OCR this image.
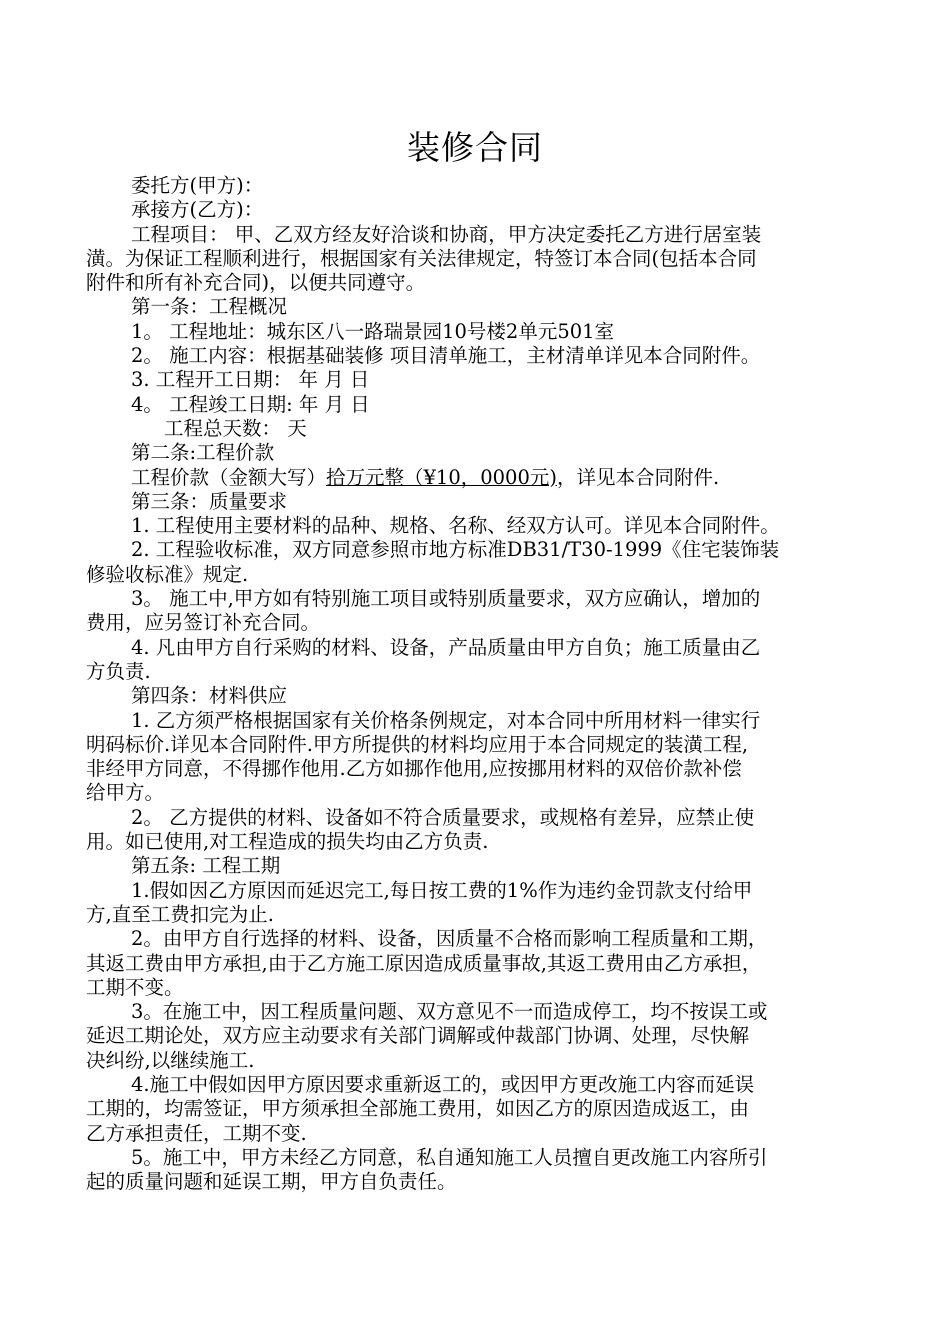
装修合同
委托方(甲方)：
承接方(乙方)：
工程项目： 甲、乙双方经友好洽谈和协商，甲方决定委托乙方进行居室装
潢。为保证工程顺利进行，根据国家有关法律规定，特签订本合同(包括本合同
附件和所有补充合同)，以便共同遵守。
第一条：工程概况
1。 工程地址：城东区八一路瑞景园10号楼2单元501室
2。 施工内容：根据基础装修 项目清单施工，主材清单详见本合同附件。
3. 工程开工日期： 年 月 日
4。 工程竣工日期: 年 月 日
工程总天数： 天
第二条:工程价款
工程价款（金额大写）拾万元整（¥10，0000元)，详见本合同附件.
第三条：质量要求
1. 工程使用主要材料的品种、规格、名称、经双方认可。详见本合同附件。
2. 工程验收标准，双方同意参照市地方标准DB31/T30-1999《住宅装饰装
修验收标准》规定.
3。 施工中,甲方如有特别施工项目或特别质量要求，双方应确认，增加的
费用，应另签订补充合同。
4. 凡由甲方自行采购的材料、设备，产品质量由甲方自负；施工质量由乙
方负责.
第四条：材料供应
1. 乙方须严格根据国家有关价格条例规定，对本合同中所用材料一律实行
明码标价.详见本合同附件.甲方所提供的材料均应用于本合同规定的装潢工程,
非经甲方同意，不得挪作他用.乙方如挪作他用,应按挪用材料的双倍价款补偿
给甲方。
2。 乙方提供的材料、设备如不符合质量要求，或规格有差异，应禁止使
用。如已使用,对工程造成的损失均由乙方负责.
第五条: 工程工期
1.假如因乙方原因而延迟完工,每日按工费的1%作为违约金罚款支付给甲
方,直至工费扣完为止.
2。由甲方自行选择的材料、设备，因质量不合格而影响工程质量和工期，
其返工费由甲方承担,由于乙方施工原因造成质量事故,其返工费用由乙方承担，
工期不变。
3。在施工中，因工程质量问题、双方意见不一而造成停工，均不按误工或
延迟工期论处，双方应主动要求有关部门调解或仲裁部门协调、处理，尽快解
决纠纷,以继续施工.
4.施工中假如因甲方原因要求重新返工的，或因甲方更改施工内容而延误
工期的，均需签证，甲方须承担全部施工费用，如因乙方的原因造成返工，由
乙方承担责任，工期不变.
5。施工中，甲方未经乙方同意，私自通知施工人员擅自更改施工内容所引
起的质量问题和延误工期，甲方自负责任。
